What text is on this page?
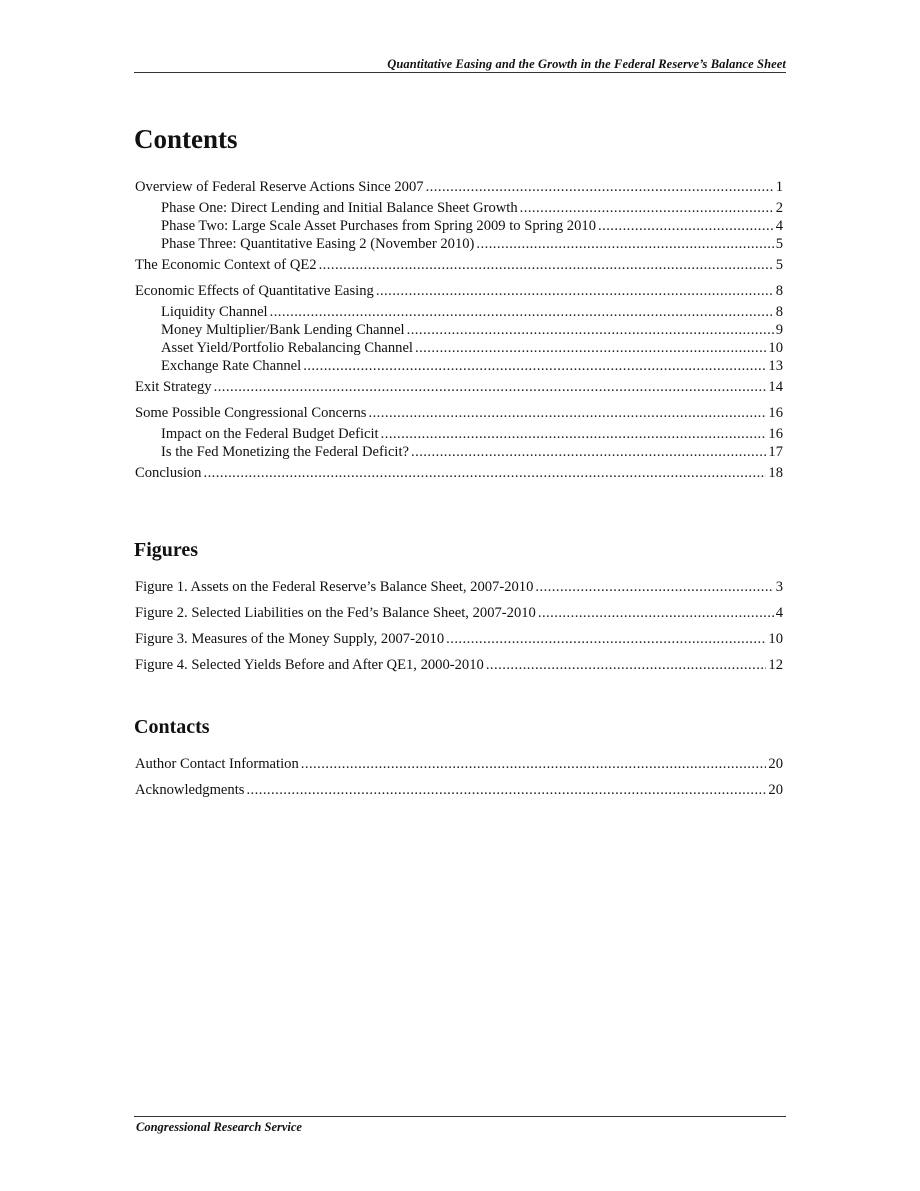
Quantitative Easing and the Growth in the Federal Reserve’s Balance Sheet
Contents
Overview of Federal Reserve Actions Since 2007 . . .	1
Phase One: Direct Lending and Initial Balance Sheet Growth . . .	2
Phase Two: Large Scale Asset Purchases from Spring 2009 to Spring 2010 . . .	4
Phase Three: Quantitative Easing 2 (November 2010) . . .	5
The Economic Context of QE2 . . .	5
Economic Effects of Quantitative Easing . . .	8
Liquidity Channel . . .	8
Money Multiplier/Bank Lending Channel . . .	9
Asset Yield/Portfolio Rebalancing Channel . . .	10
Exchange Rate Channel . . .	13
Exit Strategy . . .	14
Some Possible Congressional Concerns . . .	16
Impact on the Federal Budget Deficit . . .	16
Is the Fed Monetizing the Federal Deficit? . . .	17
Conclusion . . .	18
Figures
Figure 1. Assets on the Federal Reserve’s Balance Sheet, 2007-2010 . . .	3
Figure 2. Selected Liabilities on the Fed’s Balance Sheet, 2007-2010 . . .	4
Figure 3. Measures of the Money Supply, 2007-2010 . . .	10
Figure 4. Selected Yields Before and After QE1, 2000-2010 . . .	12
Contacts
Author Contact Information . . .	20
Acknowledgments . . .	20
Congressional Research Service
